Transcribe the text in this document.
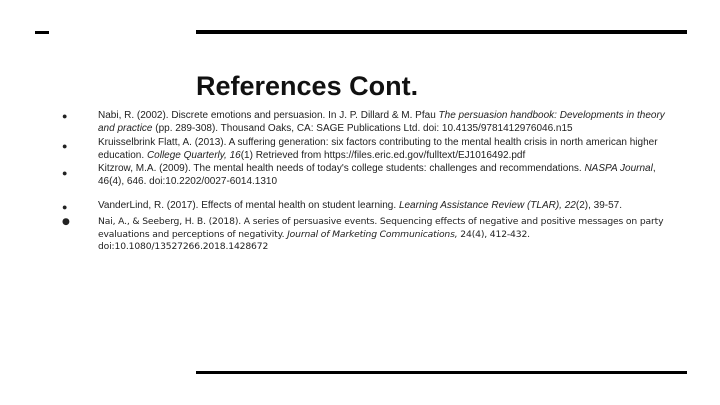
References Cont.
●	Nabi, R. (2002). Discrete emotions and persuasion. In J. P. Dillard & M. Pfau The persuasion handbook: Developments in theory and practice (pp. 289-308). Thousand Oaks, CA: SAGE Publications Ltd. doi: 10.4135/9781412976046.n15
●	Kruisselbrink Flatt, A. (2013). A suffering generation: six factors contributing to the mental health crisis in north american higher education. College Quarterly, 16(1) Retrieved from https://files.eric.ed.gov/fulltext/EJ1016492.pdf
●	Kitzrow, M.A. (2009). The mental health needs of today's college students: challenges and recommendations. NASPA Journal, 46(4), 646. doi:10.2202/0027-6014.1310
●	VanderLind, R. (2017). Effects of mental health on student learning. Learning Assistance Review (TLAR), 22(2), 39-57.
●	Nai, A., & Seeberg, H. B. (2018). A series of persuasive events. Sequencing effects of negative and positive messages on party evaluations and perceptions of negativity. Journal of Marketing Communications, 24(4), 412-432. doi:10.1080/13527266.2018.1428672
